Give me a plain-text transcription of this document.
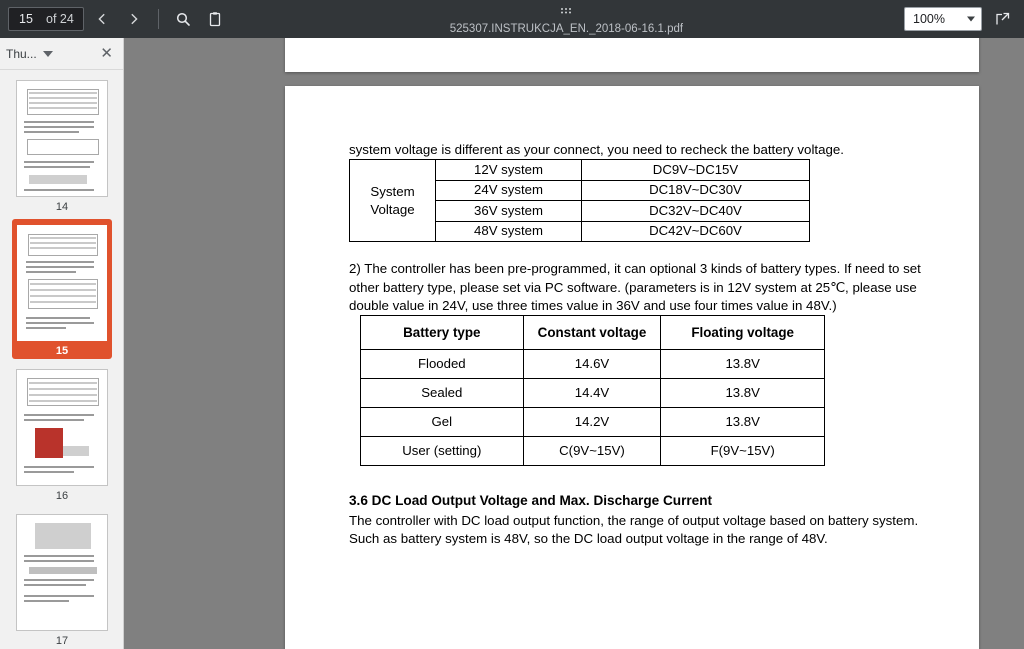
15
of 24
525307.INSTRUKCJA_EN._2018-06-16.1.pdf
100%
Thu...	✕
14
15
16
17

system voltage is different as your connect, you need to recheck the battery voltage.

System
Voltage	12V system	DC9V~DC15V
	24V system	DC18V~DC30V
	36V system	DC32V~DC40V
	48V system	DC42V~DC60V

2) The controller has been pre-programmed, it can optional 3 kinds of battery types. If need to set other battery type, please set via PC software. (parameters is in 12V system at 25℃, please use double value in 24V, use three times value in 36V and use four times value in 48V.)

Battery type	Constant voltage	Floating voltage
Flooded	14.6V	13.8V
Sealed	14.4V	13.8V
Gel	14.2V	13.8V
User (setting)	C(9V~15V)	F(9V~15V)
3.6 DC Load Output Voltage and Max. Discharge Current

The controller with DC load output function, the range of output voltage based on battery system. Such as battery system is 48V, so the DC load output voltage in the range of 48V.
